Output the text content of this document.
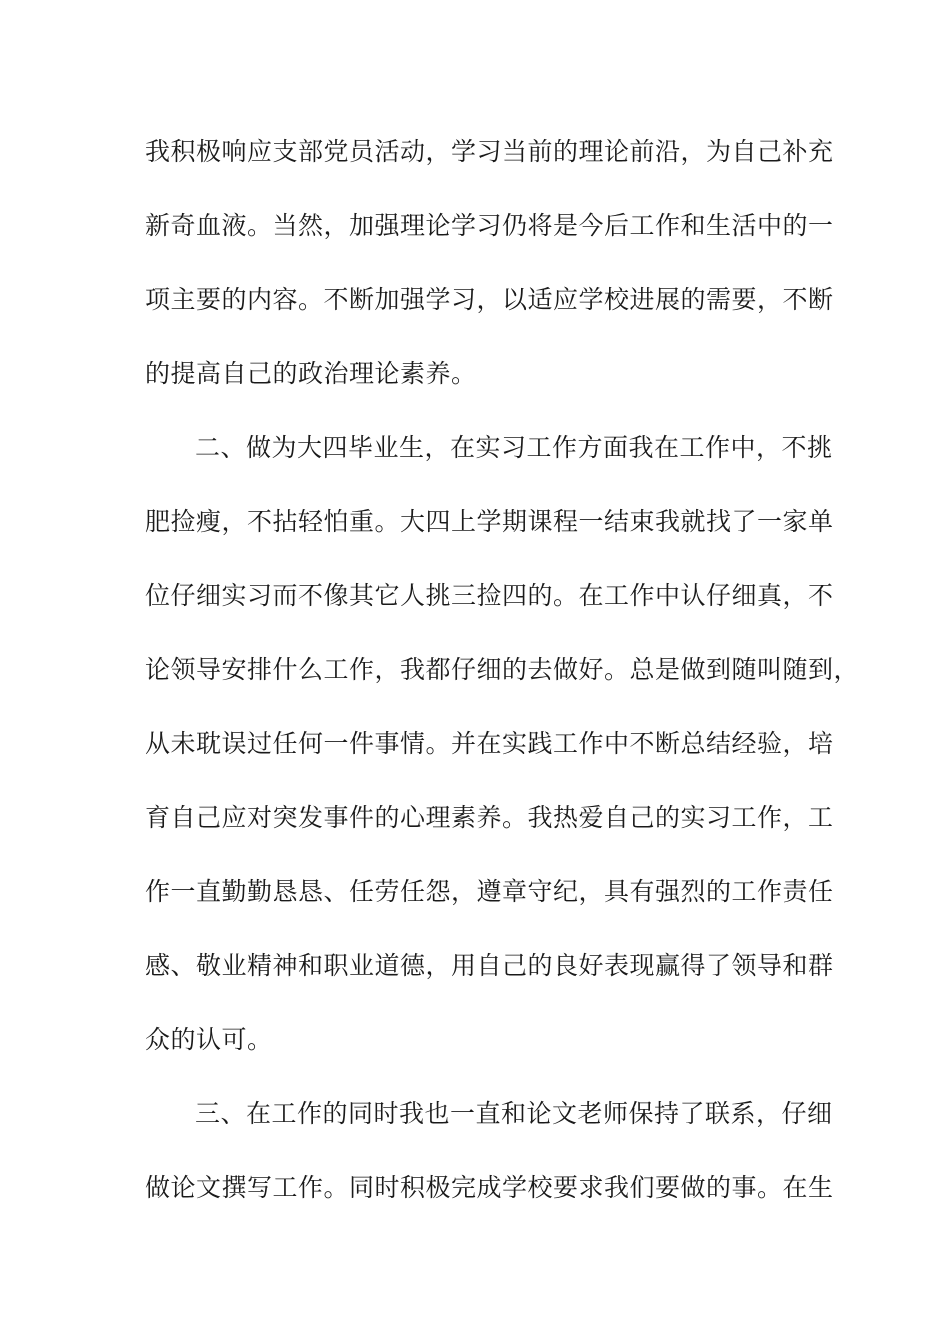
我积极响应支部党员活动，学习当前的理论前沿，为自己补充
新奇血液。当然，加强理论学习仍将是今后工作和生活中的一
项主要的内容。不断加强学习，以适应学校进展的需要，不断
的提高自己的政治理论素养。
二、做为大四毕业生，在实习工作方面我在工作中，不挑
肥捡瘦，不拈轻怕重。大四上学期课程一结束我就找了一家单
位仔细实习而不像其它人挑三捡四的。在工作中认仔细真，不
论领导安排什么工作，我都仔细的去做好。总是做到随叫随到，
从未耽误过任何一件事情。并在实践工作中不断总结经验，培
育自己应对突发事件的心理素养。我热爱自己的实习工作，工
作一直勤勤恳恳、任劳任怨，遵章守纪，具有强烈的工作责任
感、敬业精神和职业道德，用自己的良好表现赢得了领导和群
众的认可。
三、在工作的同时我也一直和论文老师保持了联系，仔细
做论文撰写工作。同时积极完成学校要求我们要做的事。在生
